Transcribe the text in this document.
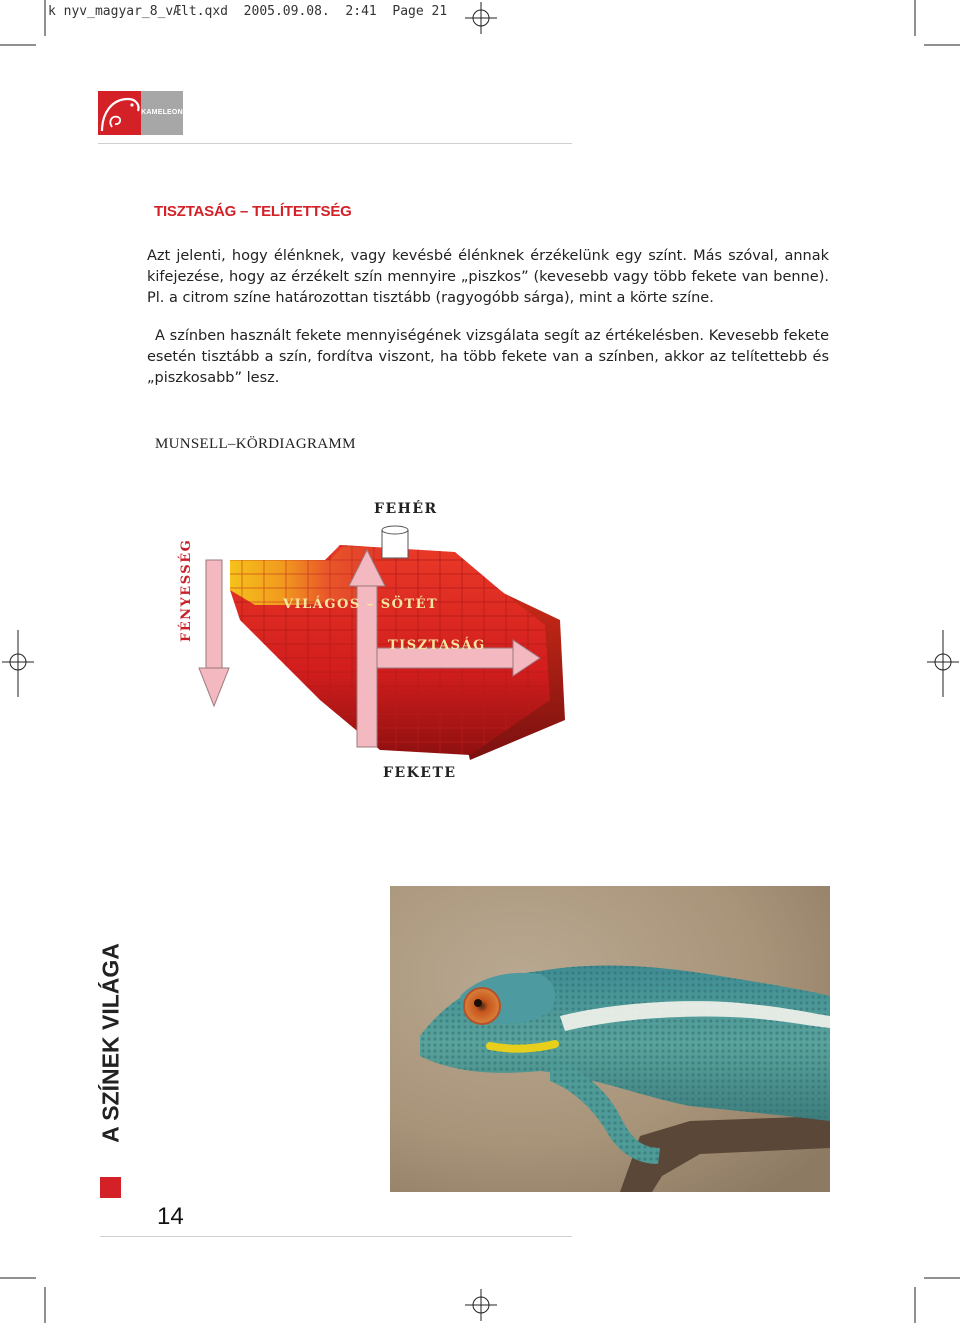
k nyv_magyar_8_vÆlt.qxd  2005.09.08.  2:41  Page 21
KAMELEON
TISZTASÁG – TELÍTETTSÉG
Azt jelenti, hogy élénknek, vagy kevésbé élénknek érzékelünk egy színt. Más szóval, annak kifejezése, hogy az érzékelt szín mennyire „piszkos” (kevesebb vagy több fekete van benne). Pl. a citrom színe határozottan tisztább (ragyogóbb sárga), mint a körte színe.
A színben használt fekete mennyiségének vizsgálata segít az értékelésben. Kevesebb fekete esetén tisztább a szín, fordítva viszont, ha több fekete van a színben, akkor az telítettebb és „piszkosabb” lesz.
MUNSELL–KÖRDIAGRAMM
FEHÉR
FEKETE
FÉNYESSÉG	VILÁGOS – SÖTÉT
TISZTASÁG
A SZÍNEK VILÁGA
14
